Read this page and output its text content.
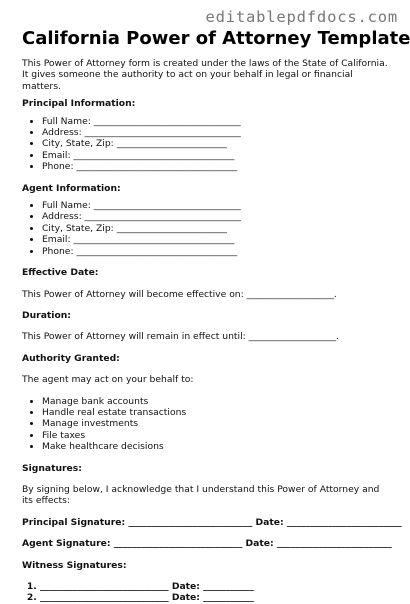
editablepdfdocs.com
California Power of Attorney Template

This Power of Attorney form is created under the laws of the State of California. It gives someone the authority to act on your behalf in legal or financial matters.

Principal Information:

• Full Name: ________________________________
• Address: __________________________________
• City, State, Zip: ________________________
• Email: ___________________________________
• Phone: ___________________________________

Agent Information:

• Full Name: ________________________________
• Address: __________________________________
• City, State, Zip: ________________________
• Email: ___________________________________
• Phone: ___________________________________

Effective Date:

This Power of Attorney will become effective on: ___________________.

Duration:

This Power of Attorney will remain in effect until: ___________________.

Authority Granted:

The agent may act on your behalf to:

• Manage bank accounts
• Handle real estate transactions
• Manage investments
• File taxes
• Make healthcare decisions

Signatures:

By signing below, I acknowledge that I understand this Power of Attorney and its effects:

Principal Signature: ___________________________ Date: _________________________

Agent Signature: ____________________________ Date: _________________________

Witness Signatures:

1. ____________________________ Date: ___________
2. ____________________________ Date: ___________
